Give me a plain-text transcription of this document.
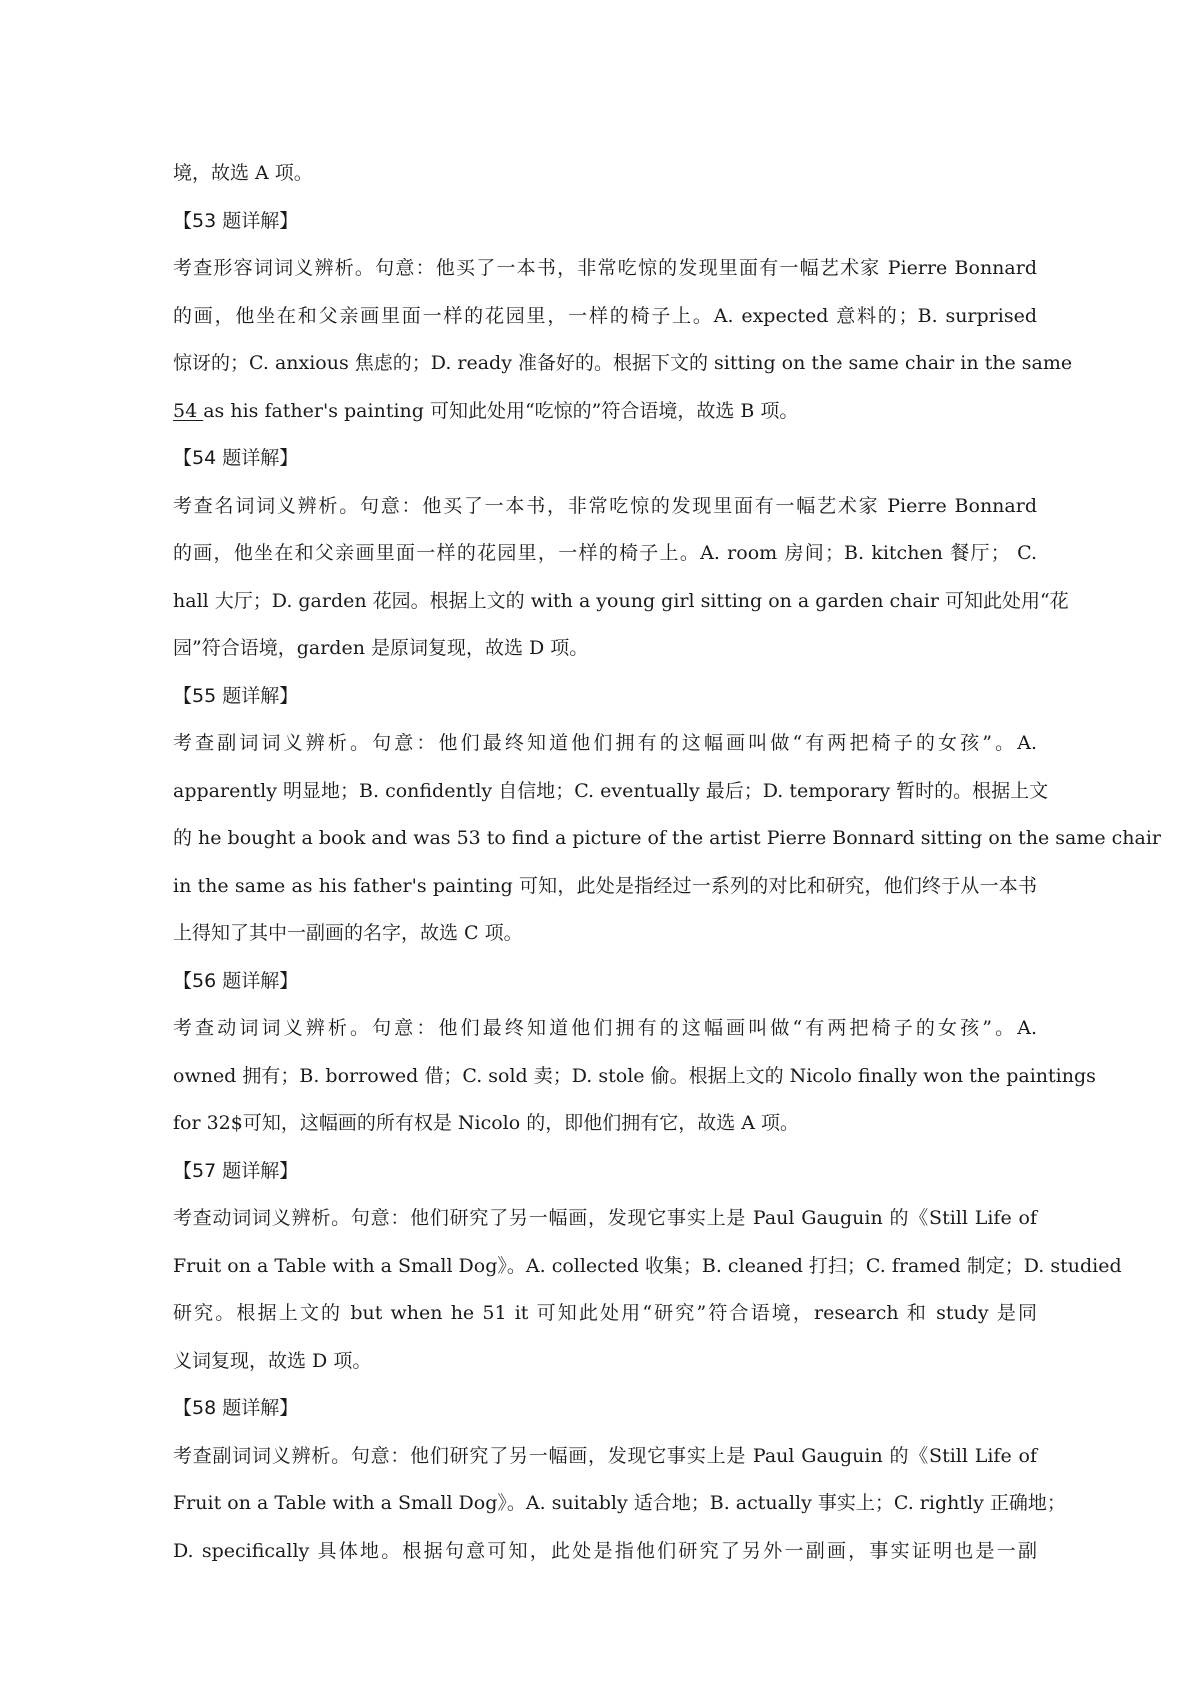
境，故选 A 项。
【53 题详解】
考查形容词词义辨析。句意：他买了一本书，非常吃惊的发现里面有一幅艺术家 Pierre Bonnard
的画，他坐在和父亲画里面一样的花园里，一样的椅子上。A. expected 意料的；B. surprised
惊讶的；C. anxious 焦虑的；D. ready 准备好的。根据下文的 sitting on the same chair in the same
54 as his father's painting 可知此处用“吃惊的”符合语境，故选 B 项。
【54 题详解】
考查名词词义辨析。句意：他买了一本书，非常吃惊的发现里面有一幅艺术家 Pierre Bonnard
的画，他坐在和父亲画里面一样的花园里，一样的椅子上。A. room 房间；B. kitchen 餐厅； C.
hall 大厅；D. garden 花园。根据上文的 with a young girl sitting on a garden chair 可知此处用“花
园”符合语境，garden 是原词复现，故选 D 项。
【55 题详解】
考查副词词义辨析。句意：他们最终知道他们拥有的这幅画叫做“有两把椅子的女孩”。A.
apparently 明显地；B. confidently 自信地；C. eventually 最后；D. temporary 暂时的。根据上文
的 he bought a book and was 53 to find a picture of the artist Pierre Bonnard sitting on the same chair
in the same as his father's painting 可知，此处是指经过一系列的对比和研究，他们终于从一本书
上得知了其中一副画的名字，故选 C 项。
【56 题详解】
考查动词词义辨析。句意：他们最终知道他们拥有的这幅画叫做“有两把椅子的女孩”。A.
owned 拥有；B. borrowed 借；C. sold 卖；D. stole 偷。根据上文的 Nicolo finally won the paintings
for 32$可知，这幅画的所有权是 Nicolo 的，即他们拥有它，故选 A 项。
【57 题详解】
考查动词词义辨析。句意：他们研究了另一幅画，发现它事实上是 Paul Gauguin 的《Still Life of
Fruit on a Table with a Small Dog》。A. collected 收集；B. cleaned 打扫；C. framed 制定；D. studied
研究。根据上文的 but when he 51 it 可知此处用“研究”符合语境，research 和 study 是同
义词复现，故选 D 项。
【58 题详解】
考查副词词义辨析。句意：他们研究了另一幅画，发现它事实上是 Paul Gauguin 的《Still Life of
Fruit on a Table with a Small Dog》。A. suitably 适合地；B. actually 事实上；C. rightly 正确地；
D. specifically 具体地。根据句意可知，此处是指他们研究了另外一副画，事实证明也是一副
